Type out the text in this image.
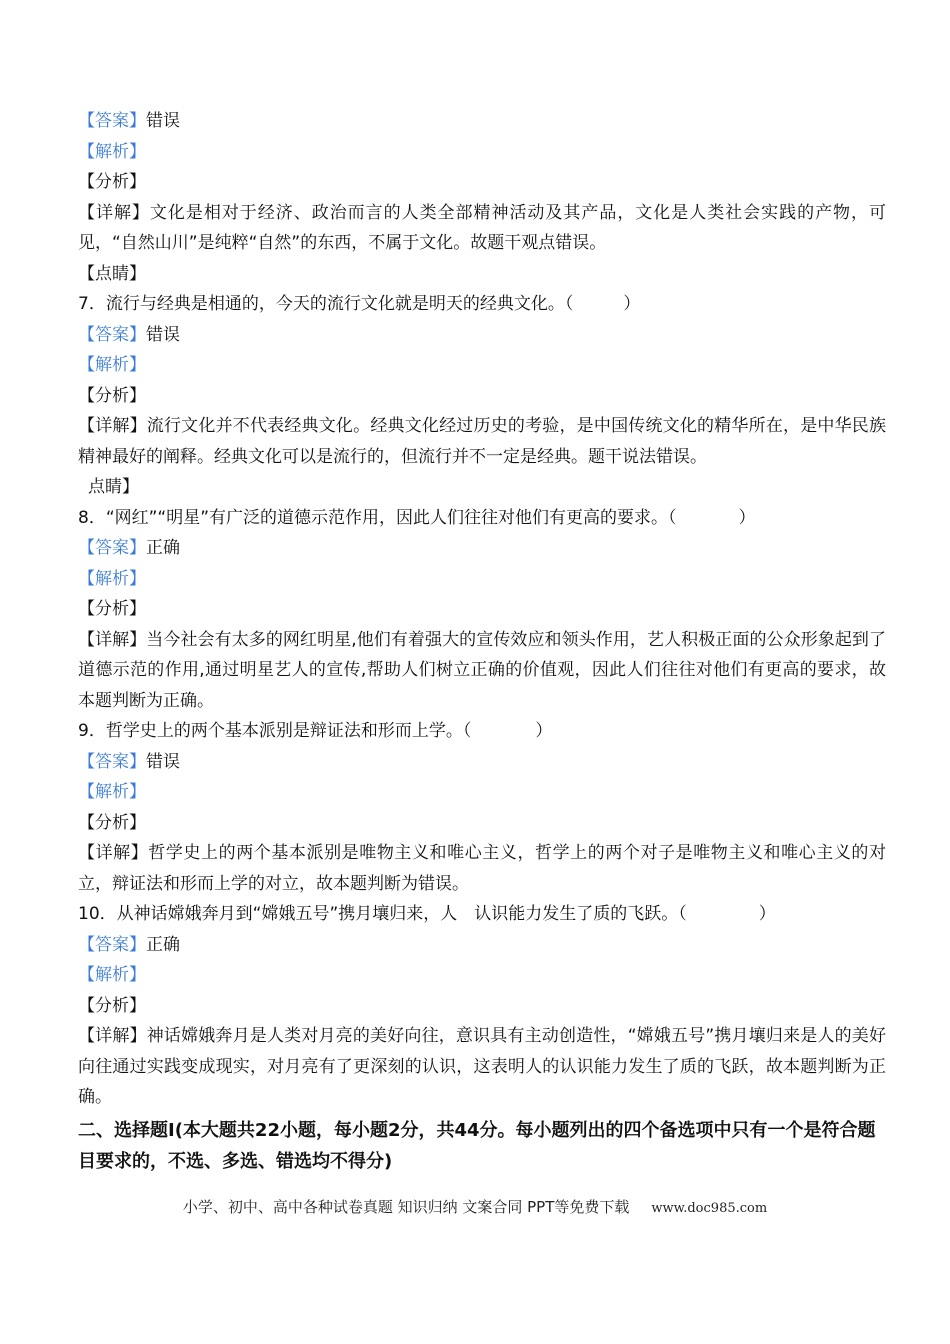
【答案】错误
【解析】
【分析】
【详解】文化是相对于经济、政治而言的人类全部精神活动及其产品，文化是人类社会实践的产物，可见，“自然山川”是纯粹“自然”的东西，不属于文化。故题干观点错误。
【点睛】
7．流行与经典是相通的，今天的流行文化就是明天的经典文化。（	）
【答案】错误
【解析】
【分析】
【详解】流行文化并不代表经典文化。经典文化经过历史的考验，是中国传统文化的精华所在，是中华民族精神最好的阐释。经典文化可以是流行的，但流行并不一定是经典。题干说法错误。
点睛】
8．“网红”“明星”有广泛的道德示范作用，因此人们往往对他们有更高的要求。（	）
【答案】正确
【解析】
【分析】
【详解】当今社会有太多的网红明星,他们有着强大的宣传效应和领头作用，艺人积极正面的公众形象起到了道德示范的作用,通过明星艺人的宣传,帮助人们树立正确的价值观，因此人们往往对他们有更高的要求，故本题判断为正确。
9．哲学史上的两个基本派别是辩证法和形而上学。（	）
【答案】错误
【解析】
【分析】
【详解】哲学史上的两个基本派别是唯物主义和唯心主义，哲学上的两个对子是唯物主义和唯心主义的对立，辩证法和形而上学的对立，故本题判断为错误。
10．从神话嫦娥奔月到“嫦娥五号”携月壤归来，人　认识能力发生了质的飞跃。（	）
【答案】正确
【解析】
【分析】
【详解】神话嫦娥奔月是人类对月亮的美好向往，意识具有主动创造性，“嫦娥五号”携月壤归来是人的美好向往通过实践变成现实，对月亮有了更深刻的认识，这表明人的认识能力发生了质的飞跃，故本题判断为正确。
二、选择题Ⅰ(本大题共22小题，每小题2分，共44分。每小题列出的四个备选项中只有一个是符合题目要求的，不选、多选、错选均不得分)
小学、初中、高中各种试卷真题 知识归纳 文案合同 PPT等免费下载 www.doc985.com
